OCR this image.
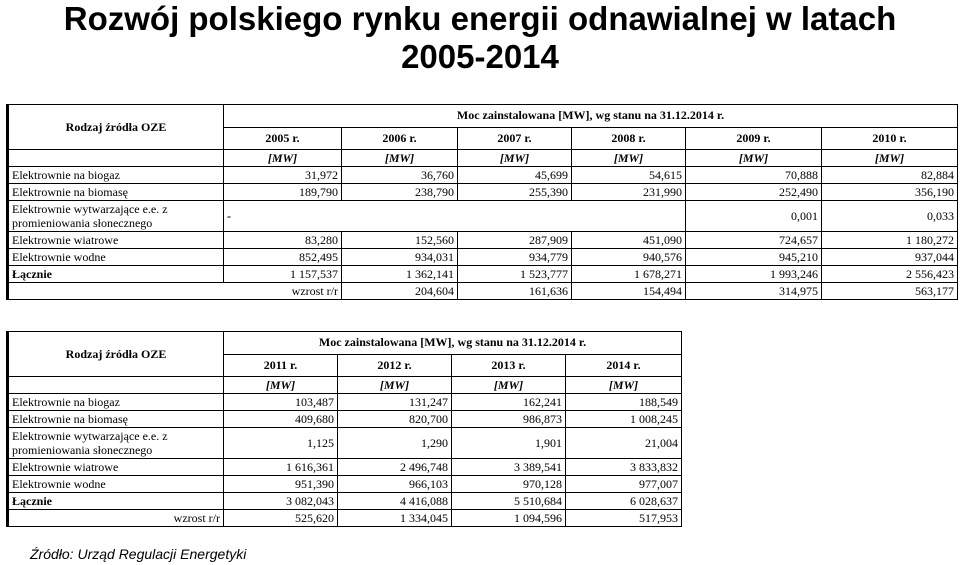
Rozwój polskiego rynku energii odnawialnej w latach
2005-2014
Rodzaj źródła OZE	Moc zainstalowana [MW], wg stanu na 31.12.2014 r.					
	2005 r.	2006 r.	2007 r.	2008 r.	2009 r.	2010 r.
	[MW]	[MW]	[MW]	[MW]	[MW]	[MW]
Elektrownie na biogaz	31,972	36,760	45,699	54,615	70,888	82,884
Elektrownie na biomasę	189,790	238,790	255,390	231,990	252,490	356,190
Elektrownie wytwarzające e.e. z promieniowania słonecznego	-				0,001	0,033
Elektrownie wiatrowe	83,280	152,560	287,909	451,090	724,657	1 180,272
Elektrownie wodne	852,495	934,031	934,779	940,576	945,210	937,044
Łącznie	1 157,537	1 362,141	1 523,777	1 678,271	1 993,246	2 556,423
wzrost r/r		204,604	161,636	154,494	314,975	563,177
Rodzaj źródła OZE	Moc zainstalowana [MW], wg stanu na 31.12.2014 r.			
	2011 r.	2012 r.	2013 r.	2014 r.
	[MW]	[MW]	[MW]	[MW]
Elektrownie na biogaz	103,487	131,247	162,241	188,549
Elektrownie na biomasę	409,680	820,700	986,873	1 008,245
Elektrownie wytwarzające e.e. z promieniowania słonecznego	1,125	1,290	1,901	21,004
Elektrownie wiatrowe	1 616,361	2 496,748	3 389,541	3 833,832
Elektrownie wodne	951,390	966,103	970,128	977,007
Łącznie	3 082,043	4 416,088	5 510,684	6 028,637
wzrost r/r	525,620	1 334,045	1 094,596	517,953
Źródło: Urząd Regulacji Energetyki
